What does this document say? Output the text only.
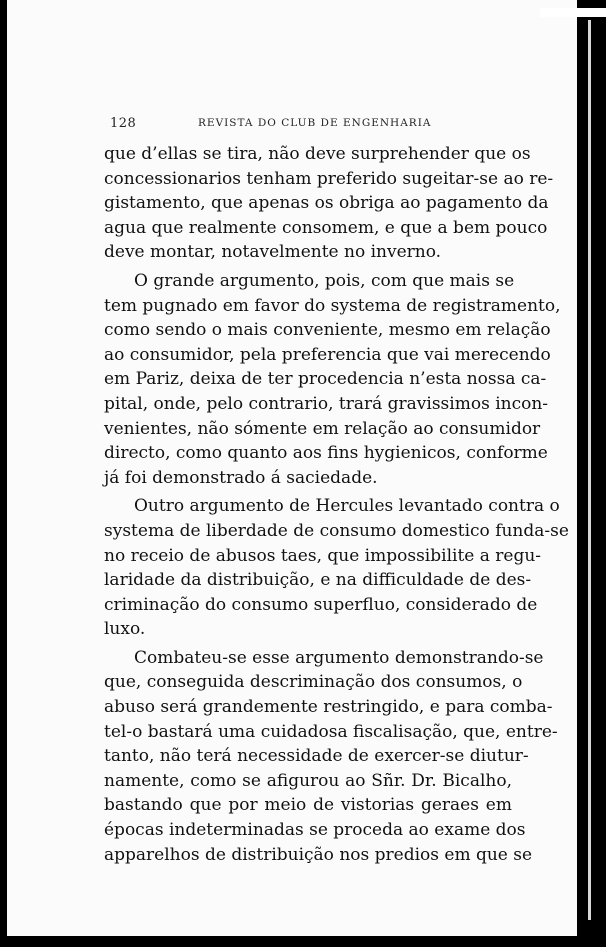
128	REVISTA DO CLUB DE ENGENHARIA
que d’ellas se tira, não deve surprehender que os
concessionarios tenham preferido sugeitar-se ao re-
gistamento, que apenas os obriga ao pagamento da
agua que realmente consomem, e que a bem pouco
deve montar, notavelmente no inverno.
O grande argumento, pois, com que mais se
tem pugnado em favor do systema de registramento,
como sendo o mais conveniente, mesmo em relação
ao consumidor, pela preferencia que vai merecendo
em Pariz, deixa de ter procedencia n’esta nossa ca-
pital, onde, pelo contrario, trará gravissimos incon-
venientes, não sómente em relação ao consumidor
directo, como quanto aos fins hygienicos, conforme
já foi demonstrado á saciedade.
Outro argumento de Hercules levantado contra o
systema de liberdade de consumo domestico funda-se
no receio de abusos taes, que impossibilite a regu-
laridade da distribuição, e na difficuldade de des-
criminação do consumo superfluo, considerado de
luxo.
Combateu-se esse argumento demonstrando-se
que, conseguida descriminação dos consumos, o
abuso será grandemente restringido, e para comba-
tel-o bastará uma cuidadosa fiscalisação, que, entre-
tanto, não terá necessidade de exercer-se diutur-
namente, como se afigurou ao Sñr. Dr. Bicalho,
bastando que por meio de vistorias geraes em
épocas indeterminadas se proceda ao exame dos
apparelhos de distribuição nos predios em que se
